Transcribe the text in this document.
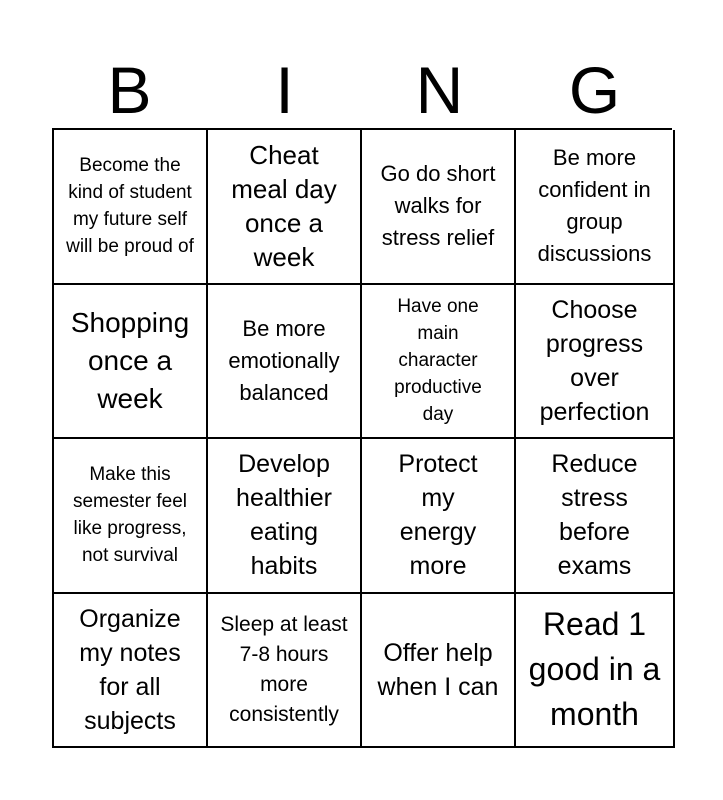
B	I	N	G
Become the kind of student my future self will be proud of
Cheat meal day once a week
Go do short walks for stress relief
Be more confident in group discussions
Shopping once a week
Be more emotionally balanced
Have one main character productive day
Choose progress over perfection
Make this semester feel like progress, not survival
Develop healthier eating habits
Protect my energy more
Reduce stress before exams
Organize my notes for all subjects
Sleep at least 7-8 hours more consistently
Offer help when I can
Read 1 good in a month
